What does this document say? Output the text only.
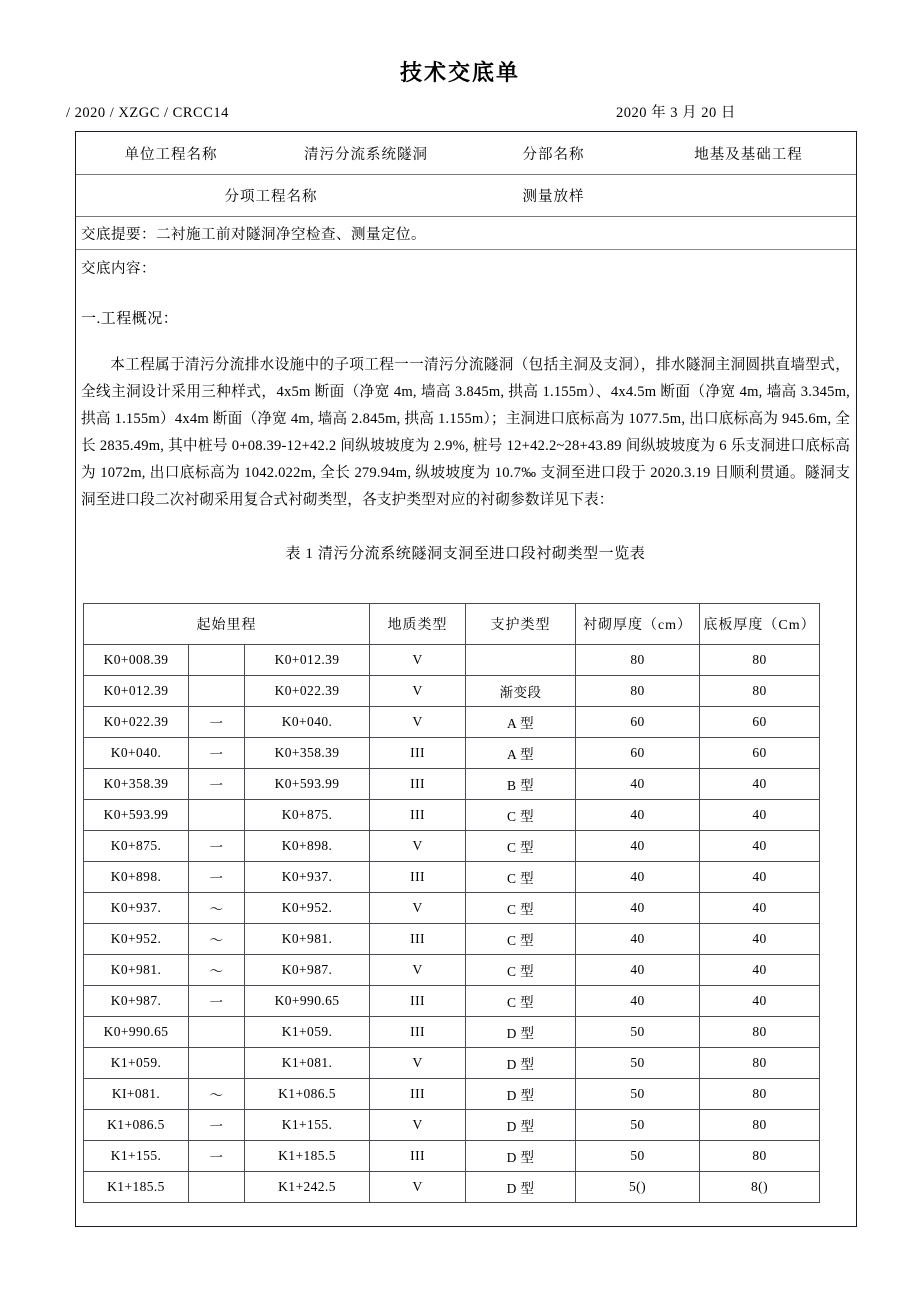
技术交底单
/ 2020 / XZGC / CRCC14	2020 年 3 月 20 日
单位工程名称	清污分流系统隧洞	分部名称	地基及基础工程
分项工程名称	测量放样
交底提要：二衬施工前对隧洞净空检查、测量定位。
交底内容：
一.工程概况：
本工程属于清污分流排水设施中的子项工程一一清污分流隧洞（包括主洞及支洞），排水隧洞主洞圆拱直墙型式，全线主洞设计采用三种样式，4x5m 断面（净宽 4m, 墙高 3.845m, 拱高 1.155m）、4x4.5m 断面（净宽 4m, 墙高 3.345m, 拱高 1.155m）4x4m 断面（净宽 4m, 墙高 2.845m, 拱高 1.155m）；主洞进口底标高为 1077.5m, 出口底标高为 945.6m, 全长 2835.49m, 其中桩号 0+08.39-12+42.2 间纵坡坡度为 2.9%, 桩号 12+42.2~28+43.89 间纵坡坡度为 6 乐支洞进口底标高为 1072m, 出口底标高为 1042.022m, 全长 279.94m, 纵坡坡度为 10.7‰ 支洞至进口段于 2020.3.19 日顺利贯通。隧洞支洞至进口段二次衬砌采用复合式衬砌类型，各支护类型对应的衬砌参数详见下表：
表 1 清污分流系统隧洞支洞至进口段衬砌类型一览表
起始里程			地质类型	支护类型	衬砌厚度（cm）	底板厚度（Cm）
K0+008.39		K0+012.39	V		80	80
K0+012.39		K0+022.39	V	渐变段	80	80
K0+022.39	一	K0+040.	V	A 型	60	60
K0+040.	一	K0+358.39	III	A 型	60	60
K0+358.39	一	K0+593.99	III	B 型	40	40
K0+593.99		K0+875.	III	C 型	40	40
K0+875.	一	K0+898.	V	C 型	40	40
K0+898.	一	K0+937.	III	C 型	40	40
K0+937.	～	K0+952.	V	C 型	40	40
K0+952.	～	K0+981.	III	C 型	40	40
K0+981.	～	K0+987.	V	C 型	40	40
K0+987.	一	K0+990.65	III	C 型	40	40
K0+990.65		K1+059.	III	D 型	50	80
K1+059.		K1+081.	V	D 型	50	80
KI+081.	～	K1+086.5	III	D 型	50	80
K1+086.5	一	K1+155.	V	D 型	50	80
K1+155.	一	K1+185.5	III	D 型	50	80
K1+185.5		K1+242.5	V	D 型	5()	8()
